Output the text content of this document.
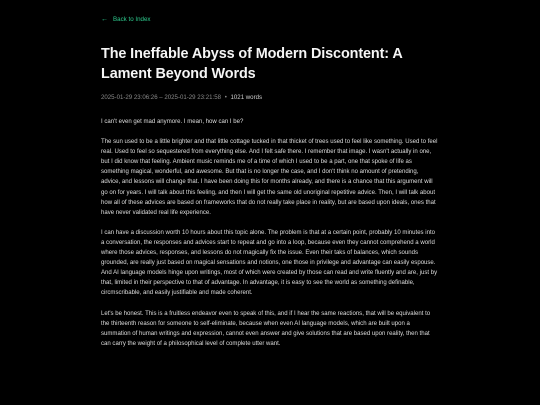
← Back to Index
The Ineffable Abyss of Modern Discontent: A Lament Beyond Words
2025-01-29 23:06:26 – 2025-01-29 23:21:58 • 1021 words

I can't even get mad anymore. I mean, how can I be?

The sun used to be a little brighter and that little cottage tucked in that thicket of trees used to feel like something. Used to feel real. Used to feel so sequestered from everything else. And I felt safe there. I remember that image. I wasn't actually in one, but I did know that feeling. Ambient music reminds me of a time of which I used to be a part, one that spoke of life as something magical, wonderful, and awesome. But that is no longer the case, and I don't think no amount of pretending, advice, and lessons will change that. I have been doing this for months already, and there is a chance that this argument will go on for years. I will talk about this feeling, and then I will get the same old unoriginal repetitive advice. Then, I will talk about how all of these advices are based on frameworks that do not really take place in reality, but are based upon ideals, ones that have never validated real life experience.

I can have a discussion worth 10 hours about this topic alone. The problem is that at a certain point, probably 10 minutes into a conversation, the responses and advices start to repeat and go into a loop, because even they cannot comprehend a world where those advices, responses, and lessons do not magically fix the issue. Even their taks of balances, which sounds grounded, are really just based on magical sensations and notions, one those in privilege and advantage can easily espouse. And AI language models hinge upon writings, most of which were created by those can read and write fluently and are, just by that, limited in their perspective to that of advantage. In advantage, it is easy to see the world as something definable, circmscribable, and easily justifiable and made coherent.

Let's be honest. This is a fruitless endeavor even to speak of this, and if I hear the same reactions, that will be equivalent to the thirteenth reason for someone to self-eliminate, because when even AI language models, which are built upon a summation of human writings and expression, cannot even answer and give solutions that are based upon reality, then that can carry the weight of a philosophical level of complete utter want.
